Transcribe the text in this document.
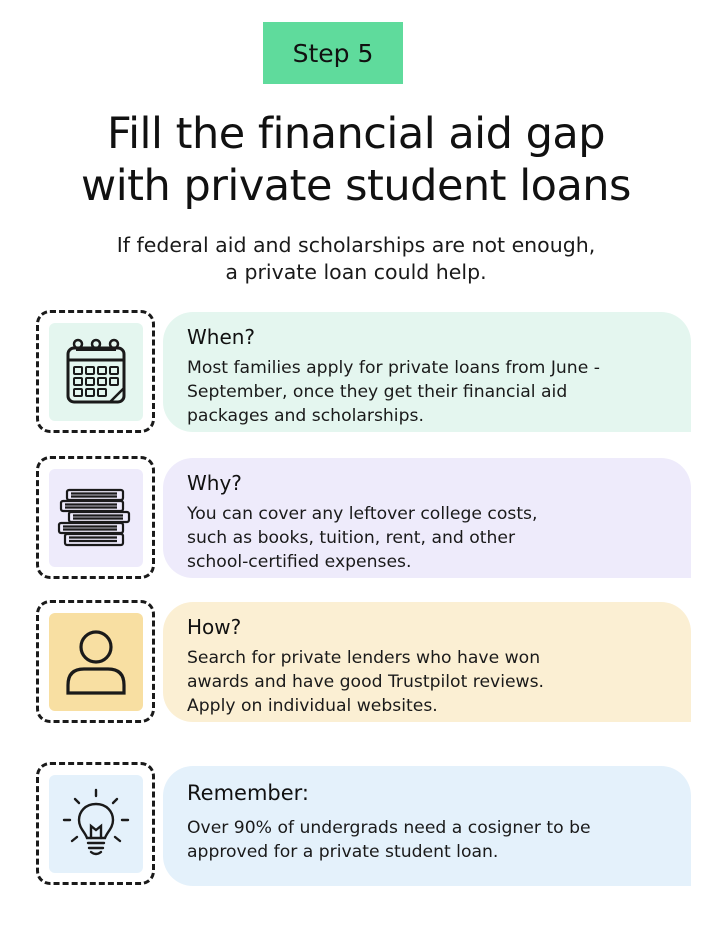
Step 5
Fill the financial aid gap
with private student loans
If federal aid and scholarships are not enough,
a private loan could help.
When?
Most families apply for private loans from June -
September, once they get their financial aid
packages and scholarships.
Why?
You can cover any leftover college costs,
such as books, tuition, rent, and other
school-certified expenses.
How?
Search for private lenders who have won
awards and have good Trustpilot reviews.
Apply on individual websites.
Remember:
Over 90% of undergrads need a cosigner to be
approved for a private student loan.
